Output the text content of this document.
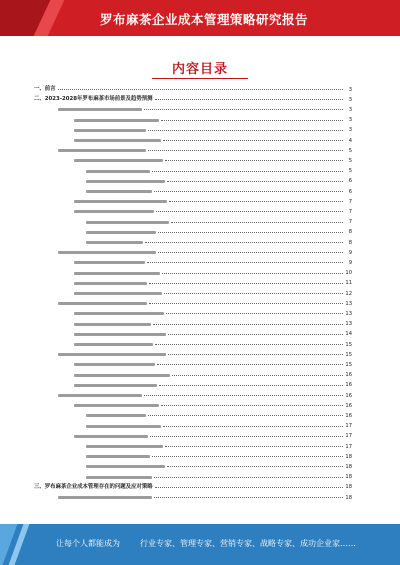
罗布麻茶企业成本管理策略研究报告
内容目录
一、前言	3
二、2023-2028年罗布麻茶市场前景及趋势预测	3
3
3
3
4
5
5
5
6
6
7
7
7
8
8
9
9
10
11
12
13
13
13
14
15
15
15
16
16
16
16
16
17
17
17
18
18
18
三、罗布麻茶企业成本管理存在的问题及应对策略	18
18
让每个人都能成为	行业专家、管理专家、营销专家、战略专家、成功企业家……
